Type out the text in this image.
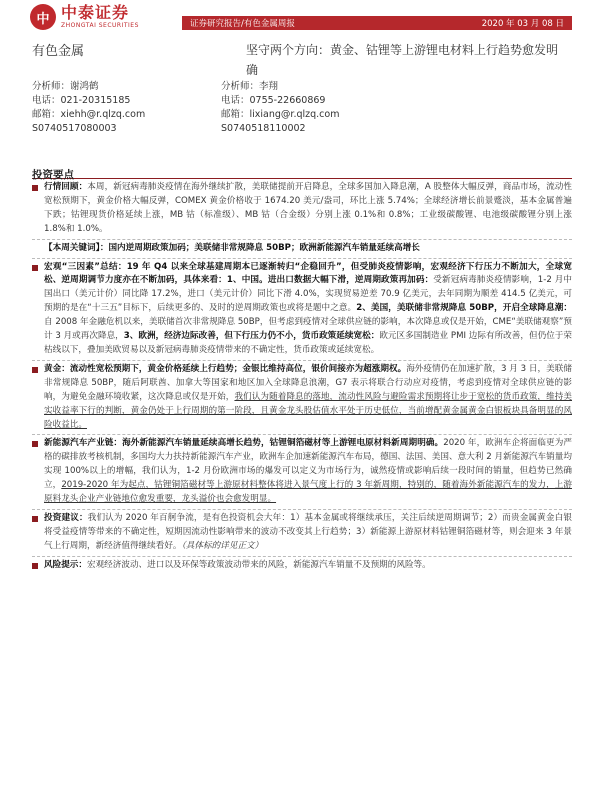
中 中泰证券
ZHONGTAI SECURITIES	证券研究报告/有色金属周报	2020 年 03 月 08 日
有色金属	坚守两个方向：黄金、钴锂等上游锂电材料上行趋势愈发明确
分析师：谢鸿鹤
电话：021-20315185
邮箱：xiehh@r.qlzq.com
S0740517080003
分析师：李翔
电话：0755-22660869
邮箱：lixiang@r.qlzq.com
S0740518110002
投资要点
行情回顾：本周，新冠病毒肺炎疫情在海外继续扩散，美联储提前开启降息，全球多国加入降息潮，A 股整体大幅反弹，商品市场，流动性宽松预期下，黄金价格大幅反弹，COMEX 黄金价格收于 1674.20 美元/盎司，环比上涨 5.74%；全球经济增长前景蹙淡，基本金属普遍下跌；钴锂现货价格延续上涨，MB 钴（标准级）、MB 钴（合金级）分别上涨 0.1%和 0.8%；工业级碳酸锂、电池级碳酸锂分别上涨 1.8%和 1.0%。
【本周关键词】：国内逆周期政策加码；美联储非常规降息 50BP；欧洲新能源汽车销量延续高增长
宏观“三因素”总结：19 年 Q4 以来全球基建周期本已逐渐转归“企稳回升”，但受肺炎疫情影响，宏观经济下行压力不断加大，全球宽松、逆周期调节力度亦在不断加码，具体来看：1、中国。进出口数据大幅下滑，逆周期政策再加码：受新冠病毒肺炎疫情影响，1-2 月中国出口（美元计价）同比降 17.2%，进口（美元计价）同比下滑 4.0%，实现贸易逆差 70.9 亿美元，去年同期为顺差 414.5 亿美元，可预期的是在“十三五”目标下，后续更多的、及时的逆周期政策也或将是题中之意。2、美国，美联储非常规降息 50BP，开启全球降息潮：自 2008 年金融危机以来，美联储首次非常规降息 50BP，但考虑到疫情对全球供应链的影响，本次降息或仅是开始，CME“美联储观察”预计 3 月或再次降息，3、欧洲，经济边际改善，但下行压力仍不小，货币政策延续宽松：欧元区多国制造业 PMI 边际有所改善，但仍位于荣枯线以下，叠加美欧贸易以及新冠病毒肺炎疫情带来的不确定性，货币政策或延续宽松。
黄金：流动性宽松预期下，黄金价格延续上行趋势；金银比维持高位，银价间接亦为超涨期权。海外疫情仍在加速扩散，3 月 3 日，美联储非常规降息 50BP，随后阿联酋、加拿大等国家和地区加入全球降息浪潮，G7 表示将联合行动应对疫情，考虑到疫情对全球供应链的影响，为避免金融环境收紧，这次降息或仅是开始，我们认为随着降息的落地，流动性风险与避险需求预期将让步于宽松的货币政策，维持美实收益率下行的判断，黄金仍处于上行周期的第一阶段，且黄金龙头股估值水平处于历史低位，当前增配黄金属黄金白银板块具备明显的风险收益比。
新能源汽车产业链：海外新能源汽车销量延续高增长趋势，钴锂铜箔磁材等上游锂电原材料新周期明确。2020 年，欧洲车企将面临更为严格的碳排放考核机制，多国均大力扶持新能源汽车产业，欧洲车企加速新能源汽车布局，德国、法国、美国、意大利 2 月新能源汽车销量均实现 100%以上的增幅，我们认为，1-2 月份欧洲市场的爆发可以定义为市场行为，诚然疫情或影响后续一段时间的销量，但趋势已然确立，2019-2020 年为起点，钴锂铜箔磁材等上游原材料整体将进入景气度上行的 3 年新周期，特别的，随着海外新能源汽车的发力，上游原料龙头企业产业链地位愈发重要，龙头溢价也会愈发明显。
投资建议：我们认为 2020 年百舸争流，是有色投资机会大年：1）基本金属或将继续承压，关注后续逆周期调节；2）而贵金属黄金白银将受益疫情等带来的不确定性，短期因流动性影响带来的波动不改变其上行趋势；3）新能源上游原材料钴锂铜箔磁材等，则会迎来 3 年景气上行周期，新经济值得继续看好。（具体标的详见正文）
风险提示：宏观经济波动、进口以及环保等政策波动带来的风险，新能源汽车销量不及预期的风险等。
